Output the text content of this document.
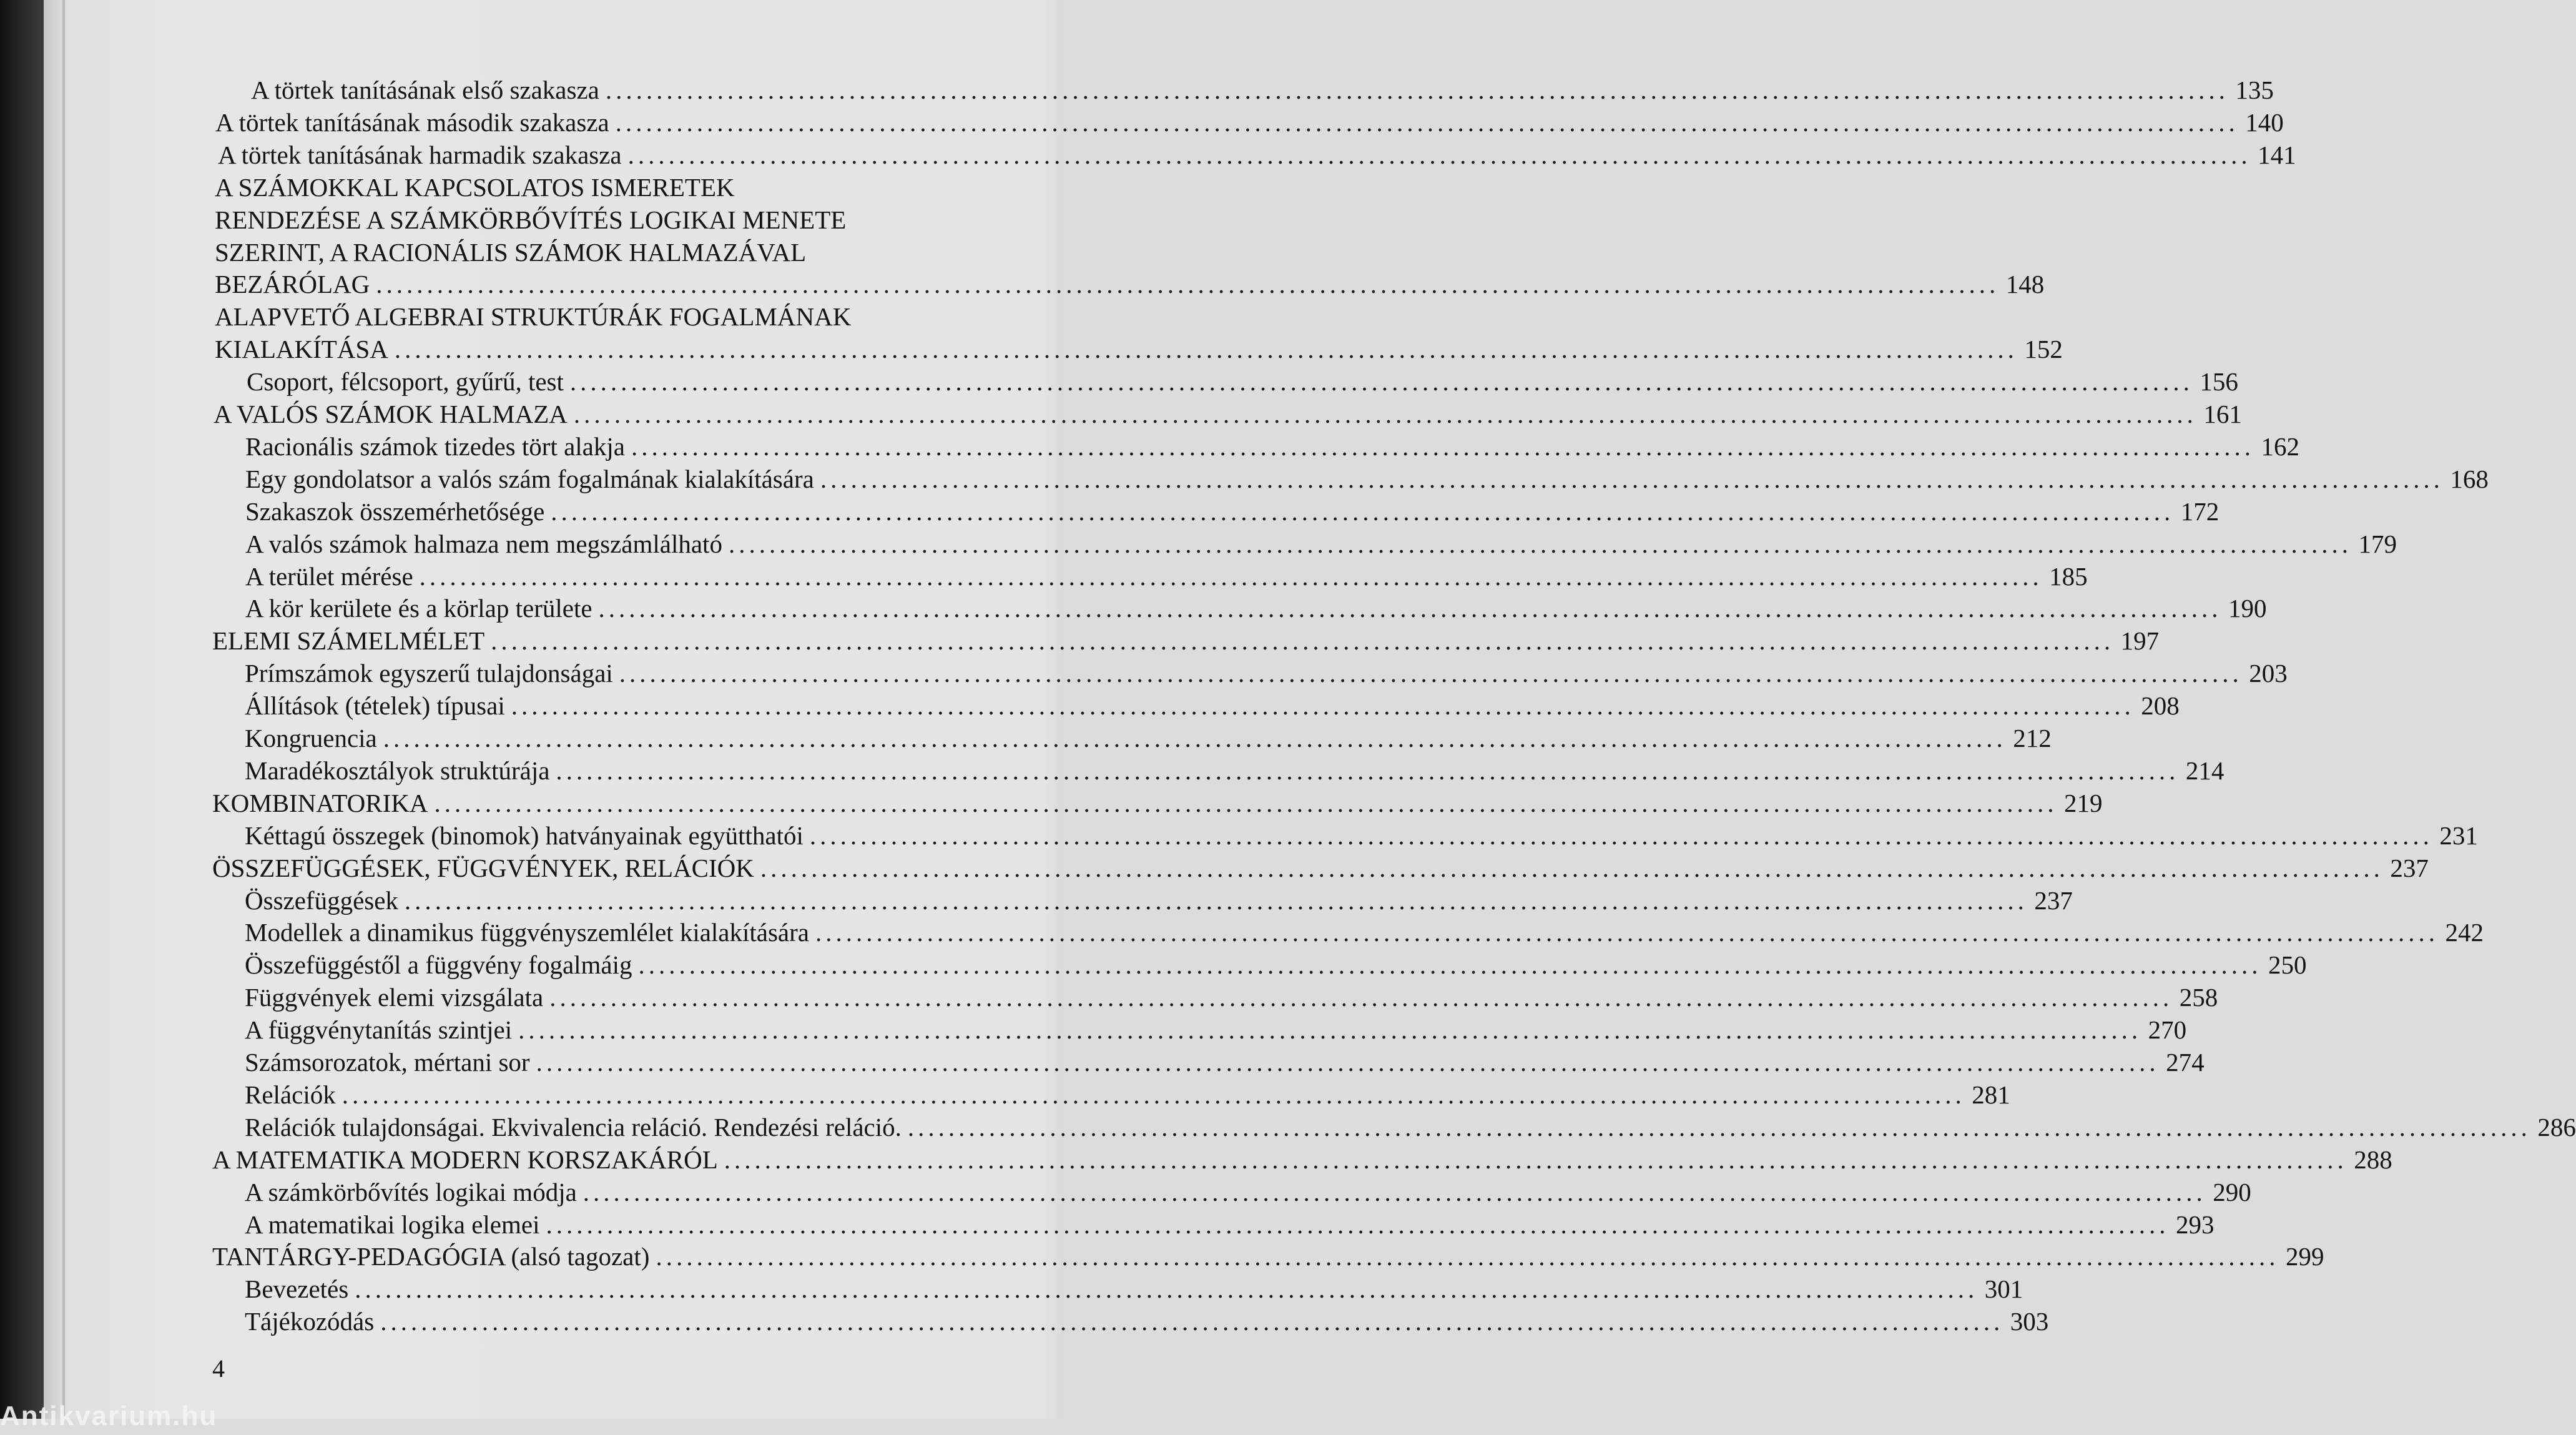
A törtek tanításának első szakasza ................................................................................................................................................................ 135
A törtek tanításának második szakasza ................................................................................................................................................................ 140
A törtek tanításának harmadik szakasza ................................................................................................................................................................ 141
A SZÁMOKKAL KAPCSOLATOS ISMERETEK
RENDEZÉSE A SZÁMKÖRBŐVÍTÉS LOGIKAI MENETE
SZERINT, A RACIONÁLIS SZÁMOK HALMAZÁVAL
BEZÁRÓLAG ................................................................................................................................................................ 148
ALAPVETŐ ALGEBRAI STRUKTÚRÁK FOGALMÁNAK
KIALAKÍTÁSA ................................................................................................................................................................ 152
Csoport, félcsoport, gyűrű, test ................................................................................................................................................................ 156
A VALÓS SZÁMOK HALMAZA ................................................................................................................................................................ 161
Racionális számok tizedes tört alakja ................................................................................................................................................................ 162
Egy gondolatsor a valós szám fogalmának kialakítására ................................................................................................................................................................ 168
Szakaszok összemérhetősége ................................................................................................................................................................ 172
A valós számok halmaza nem megszámlálható ................................................................................................................................................................ 179
A terület mérése ................................................................................................................................................................ 185
A kör kerülete és a körlap területe ................................................................................................................................................................ 190
ELEMI SZÁMELMÉLET ................................................................................................................................................................ 197
Prímszámok egyszerű tulajdonságai ................................................................................................................................................................ 203
Állítások (tételek) típusai ................................................................................................................................................................ 208
Kongruencia ................................................................................................................................................................ 212
Maradékosztályok struktúrája ................................................................................................................................................................ 214
KOMBINATORIKA ................................................................................................................................................................ 219
Kéttagú összegek (binomok) hatványainak együtthatói ................................................................................................................................................................ 231
ÖSSZEFÜGGÉSEK, FÜGGVÉNYEK, RELÁCIÓK ................................................................................................................................................................ 237
Összefüggések ................................................................................................................................................................ 237
Modellek a dinamikus függvényszemlélet kialakítására ................................................................................................................................................................ 242
Összefüggéstől a függvény fogalmáig ................................................................................................................................................................ 250
Függvények elemi vizsgálata ................................................................................................................................................................ 258
A függvénytanítás szintjei ................................................................................................................................................................ 270
Számsorozatok, mértani sor ................................................................................................................................................................ 274
Relációk ................................................................................................................................................................ 281
Relációk tulajdonságai. Ekvivalencia reláció. Rendezési reláció. ................................................................................................................................................................ 286
A MATEMATIKA MODERN KORSZAKÁRÓL ................................................................................................................................................................ 288
A számkörbővítés logikai módja ................................................................................................................................................................ 290
A matematikai logika elemei ................................................................................................................................................................ 293
TANTÁRGY-PEDAGÓGIA (alsó tagozat) ................................................................................................................................................................ 299
Bevezetés ................................................................................................................................................................ 301
Tájékozódás ................................................................................................................................................................ 303
4
Antikvarium.hu
